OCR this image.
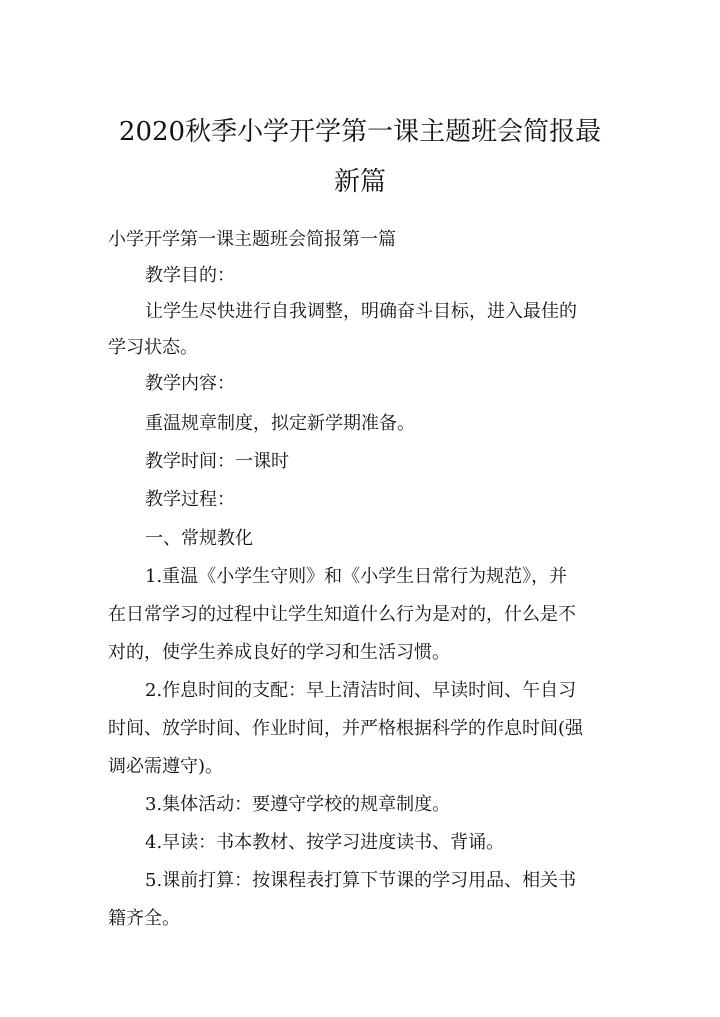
2020秋季小学开学第一课主题班会简报最
新篇

小学开学第一课主题班会简报第一篇

教学目的：

让学生尽快进行自我调整，明确奋斗目标，进入最佳的

学习状态。

教学内容：

重温规章制度，拟定新学期准备。

教学时间：一课时

教学过程：

一、常规教化

1.重温《小学生守则》和《小学生日常行为规范》，并

在日常学习的过程中让学生知道什么行为是对的，什么是不

对的，使学生养成良好的学习和生活习惯。

2.作息时间的支配：早上清洁时间、早读时间、午自习

时间、放学时间、作业时间，并严格根据科学的作息时间(强

调必需遵守)。

3.集体活动：要遵守学校的规章制度。

4.早读：书本教材、按学习进度读书、背诵。

5.课前打算：按课程表打算下节课的学习用品、相关书

籍齐全。
